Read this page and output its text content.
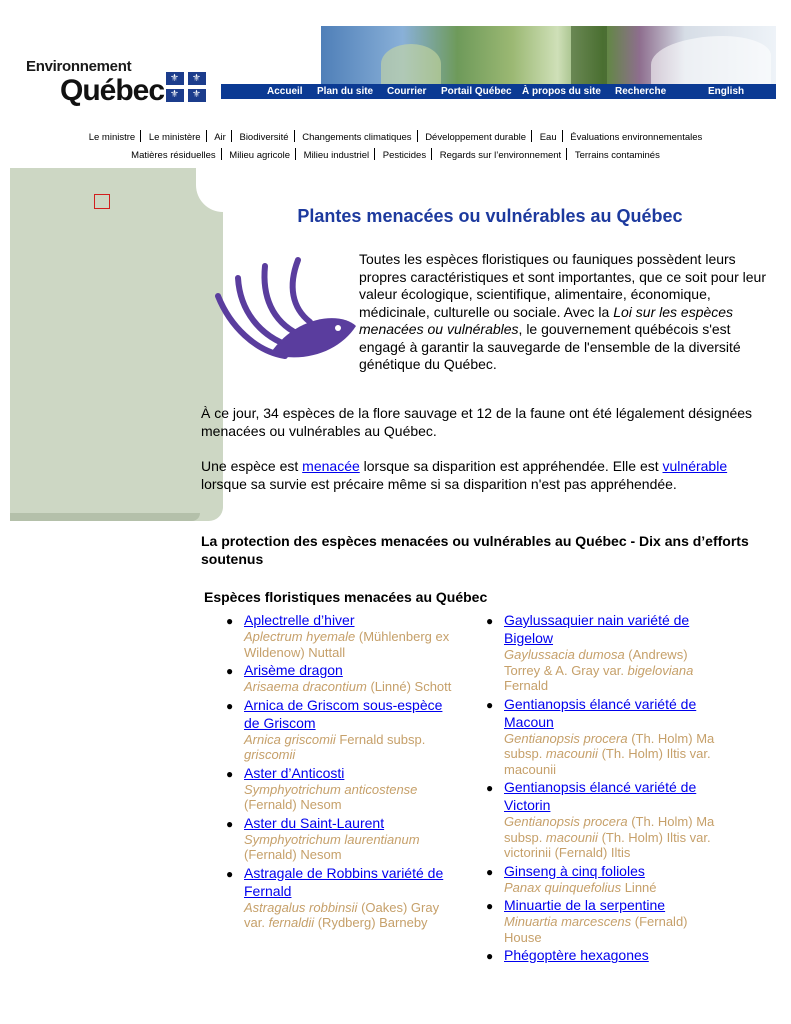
Environnement
Québec ⚜ ⚜
⚜ ⚜	Accueil Plan du site Courrier Portail Québec À propos du site Recherche	English
Le ministre Le ministère Air Biodiversité Changements climatiques Développement durable Eau Évaluations environnementales
Matières résiduelles Milieu agricole Milieu industriel Pesticides Regards sur l’environnement Terrains contaminés
Plantes menacées ou vulnérables au Québec
Toutes les espèces floristiques ou fauniques possèdent leurs propres caractéristiques et sont importantes, que ce soit pour leur valeur écologique, scientifique, alimentaire, économique, médicinale, culturelle ou sociale. Avec la Loi sur les espèces menacées ou vulnérables, le gouvernement québécois s'est engagé à garantir la sauvegarde de l'ensemble de la diversité génétique du Québec.
À ce jour, 34 espèces de la flore sauvage et 12 de la faune ont été légalement désignées menacées ou vulnérables au Québec.
Une espèce est menacée lorsque sa disparition est appréhendée. Elle est vulnérable lorsque sa survie est précaire même si sa disparition n'est pas appréhendée.
La protection des espèces menacées ou vulnérables au Québec - Dix ans d’efforts soutenus
Espèces floristiques menacées au Québec
● Aplectrelle d’hiver
Aplectrum hyemale (Mühlenberg ex Wildenow) Nuttall
● Arisème dragon
Arisaema dracontium (Linné) Schott
● Arnica de Griscom sous-espèce de Griscom
Arnica griscomii Fernald subsp. griscomii
● Aster d’Anticosti
Symphyotrichum anticostense (Fernald) Nesom
● Aster du Saint-Laurent
Symphyotrichum laurentianum (Fernald) Nesom
● Astragale de Robbins variété de Fernald
Astragalus robbinsii (Oakes) Gray var. fernaldii (Rydberg) Barneby
● Gaylussaquier nain variété de Bigelow
Gaylussacia dumosa (Andrews) Torrey & A. Gray var. bigeloviana Fernald
● Gentianopsis élancé variété de Macoun
Gentianopsis procera (Th. Holm) Ma subsp. macounii (Th. Holm) Iltis var. macounii
● Gentianopsis élancé variété de Victorin
Gentianopsis procera (Th. Holm) Ma subsp. macounii (Th. Holm) Iltis var. victorinii (Fernald) Iltis
● Ginseng à cinq folioles
Panax quinquefolius Linné
● Minuartie de la serpentine
Minuartia marcescens (Fernald) House
● Phégoptère hexagones
